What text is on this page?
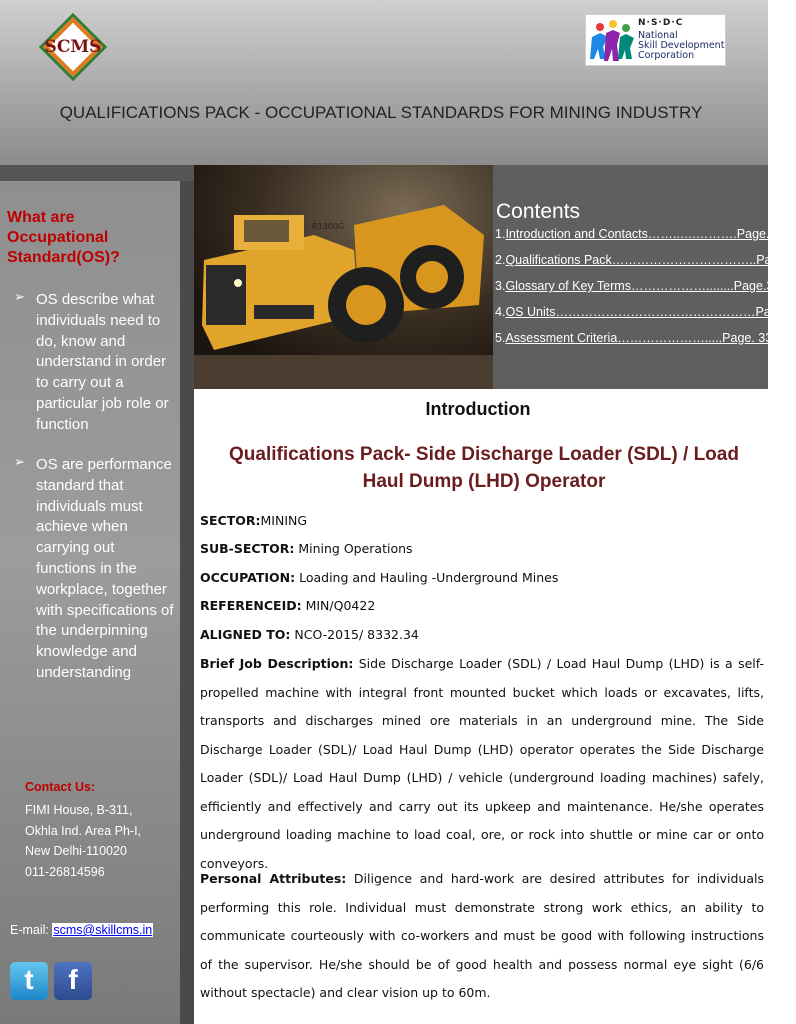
SCMS
N·S·D·C
National
Skill Development
Corporation
QUALIFICATIONS PACK - OCCUPATIONAL STANDARDS FOR MINING INDUSTRY
What are Occupational Standard(OS)?
➢ OS describe what individuals need to do, know and understand in order to carry out a particular job role or function
➢ OS are performance standard that individuals must achieve when carrying out functions in the workplace, together with specifications of the underpinning knowledge and understanding
Contact Us:
FIMI House, B-311,
Okhla Ind. Area Ph-I,
New Delhi-110020
011-26814596
E-mail: scms@skillcms.in
t	f
R1300G
Contents
1. Introduction and Contacts ……..….………. Page.1
2. Qualifications Pack …………………………….. Page.2
3. Glossary of Key Terms ………………........ Page.3
4. OS Units ………………………………………… Page.5
5. Assessment Criteria …………………..... Page. 33
Introduction
Qualifications Pack- Side Discharge Loader (SDL) / Load Haul Dump (LHD) Operator
SECTOR:MINING
SUB-SECTOR: Mining Operations
OCCUPATION: Loading and Hauling -Underground Mines
REFERENCEID: MIN/Q0422
ALIGNED TO: NCO-2015/ 8332.34
Brief Job Description: Side Discharge Loader (SDL) / Load Haul Dump (LHD) is a self-propelled machine with integral front mounted bucket which loads or excavates, lifts, transports and discharges mined ore materials in an underground mine. The Side Discharge Loader (SDL)/ Load Haul Dump (LHD) operator operates the Side Discharge Loader (SDL)/ Load Haul Dump (LHD) / vehicle (underground loading machines) safely, efficiently and effectively and carry out its upkeep and maintenance. He/she operates underground loading machine to load coal, ore, or rock into shuttle or mine car or onto conveyors.
Personal Attributes: Diligence and hard-work are desired attributes for individuals performing this role. Individual must demonstrate strong work ethics, an ability to communicate courteously with co-workers and must be good with following instructions of the supervisor. He/she should be of good health and possess normal eye sight (6/6 without spectacle) and clear vision up to 60m.
